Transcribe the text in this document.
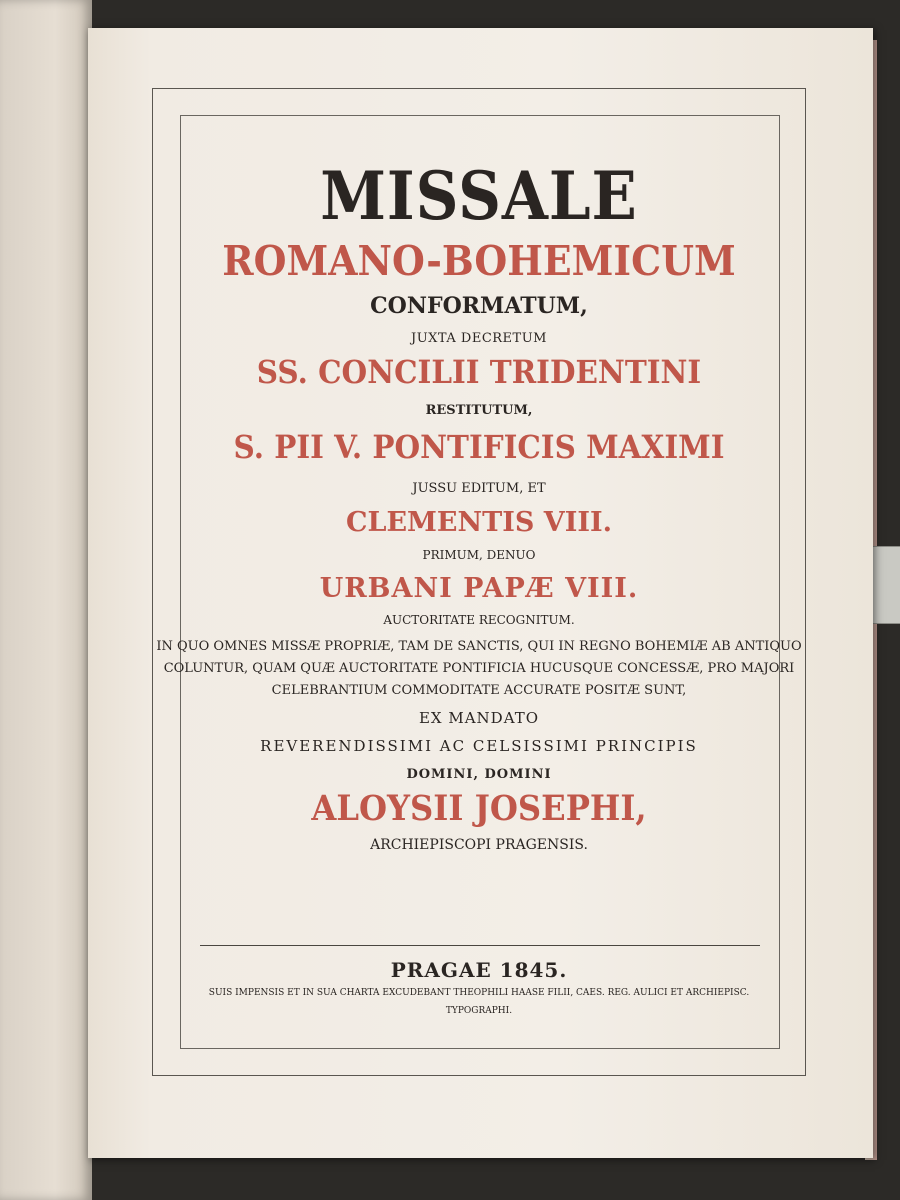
MISSALE
ROMANO-BOHEMICUM
CONFORMATUM,
JUXTA DECRETUM
SS. CONCILII TRIDENTINI
RESTITUTUM,
S. PII V. PONTIFICIS MAXIMI
JUSSU EDITUM, ET
CLEMENTIS VIII.
PRIMUM, DENUO
URBANI PAPÆ VIII.
AUCTORITATE RECOGNITUM.
IN QUO OMNES MISSÆ PROPRIÆ, TAM DE SANCTIS, QUI IN REGNO BOHEMIÆ AB ANTIQUO
COLUNTUR, QUAM QUÆ AUCTORITATE PONTIFICIA HUCUSQUE CONCESSÆ, PRO MAJORI
CELEBRANTIUM COMMODITATE ACCURATE POSITÆ SUNT,
EX MANDATO
REVERENDISSIMI AC CELSISSIMI PRINCIPIS
DOMINI, DOMINI
ALOYSII JOSEPHI,
ARCHIEPISCOPI PRAGENSIS.
PRAGAE 1845.
SUIS IMPENSIS ET IN SUA CHARTA EXCUDEBANT THEOPHILI HAASE FILII, CAES. REG. AULICI ET ARCHIEPISC.
TYPOGRAPHI.
